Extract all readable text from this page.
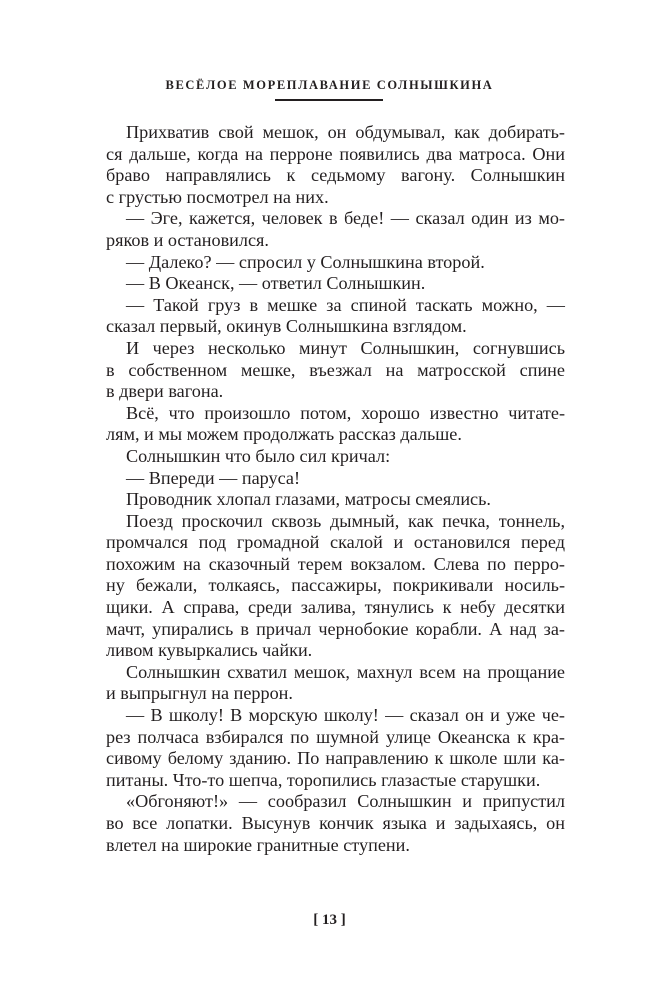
ВЕСЁЛОЕ МОРЕПЛАВАНИЕ СОЛНЫШКИНА
Прихватив свой мешок, он обдумывал, как добирать-
ся дальше, когда на перроне появились два матроса. Они
браво направлялись к седьмому вагону. Солнышкин
с грустью посмотрел на них.
— Эге, кажется, человек в беде! — сказал один из мо-
ряков и остановился.
— Далеко? — спросил у Солнышкина второй.
— В Океанск, — ответил Солнышкин.
— Такой груз в мешке за спиной таскать можно, —
сказал первый, окинув Солнышкина взглядом.
И через несколько минут Солнышкин, согнувшись
в собственном мешке, въезжал на матросской спине
в двери вагона.
Всё, что произошло потом, хорошо известно читате-
лям, и мы можем продолжать рассказ дальше.
Солнышкин что было сил кричал:
— Впереди — паруса!
Проводник хлопал глазами, матросы смеялись.
Поезд проскочил сквозь дымный, как печка, тоннель,
промчался под громадной скалой и остановился перед
похожим на сказочный терем вокзалом. Слева по перро-
ну бежали, толкаясь, пассажиры, покрикивали носиль-
щики. А справа, среди залива, тянулись к небу десятки
мачт, упирались в причал чернобокие корабли. А над за-
ливом кувыркались чайки.
Солнышкин схватил мешок, махнул всем на прощание
и выпрыгнул на перрон.
— В школу! В морскую школу! — сказал он и уже че-
рез полчаса взбирался по шумной улице Океанска к кра-
сивому белому зданию. По направлению к школе шли ка-
питаны. Что-то шепча, торопились глазастые старушки.
«Обгоняют!» — сообразил Солнышкин и припустил
во все лопатки. Высунув кончик языка и задыхаясь, он
влетел на широкие гранитные ступени.
[ 13 ]
